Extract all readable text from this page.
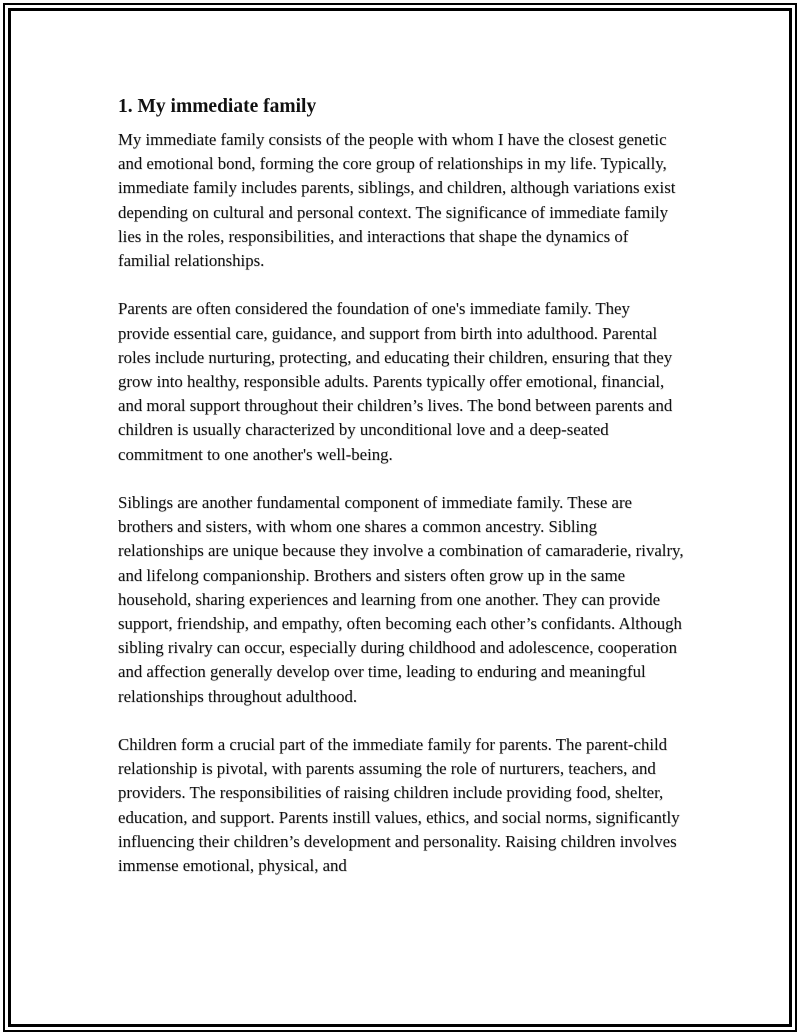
1. My immediate family

My immediate family consists of the people with whom I have the closest genetic and emotional bond, forming the core group of relationships in my life. Typically, immediate family includes parents, siblings, and children, although variations exist depending on cultural and personal context. The significance of immediate family lies in the roles, responsibilities, and interactions that shape the dynamics of familial relationships.

Parents are often considered the foundation of one's immediate family. They provide essential care, guidance, and support from birth into adulthood. Parental roles include nurturing, protecting, and educating their children, ensuring that they grow into healthy, responsible adults. Parents typically offer emotional, financial, and moral support throughout their children’s lives. The bond between parents and children is usually characterized by unconditional love and a deep-seated commitment to one another's well-being.

Siblings are another fundamental component of immediate family. These are brothers and sisters, with whom one shares a common ancestry. Sibling relationships are unique because they involve a combination of camaraderie, rivalry, and lifelong companionship. Brothers and sisters often grow up in the same household, sharing experiences and learning from one another. They can provide support, friendship, and empathy, often becoming each other’s confidants. Although sibling rivalry can occur, especially during childhood and adolescence, cooperation and affection generally develop over time, leading to enduring and meaningful relationships throughout adulthood.

Children form a crucial part of the immediate family for parents. The parent-child relationship is pivotal, with parents assuming the role of nurturers, teachers, and providers. The responsibilities of raising children include providing food, shelter, education, and support. Parents instill values, ethics, and social norms, significantly influencing their children’s development and personality. Raising children involves immense emotional, physical, and
